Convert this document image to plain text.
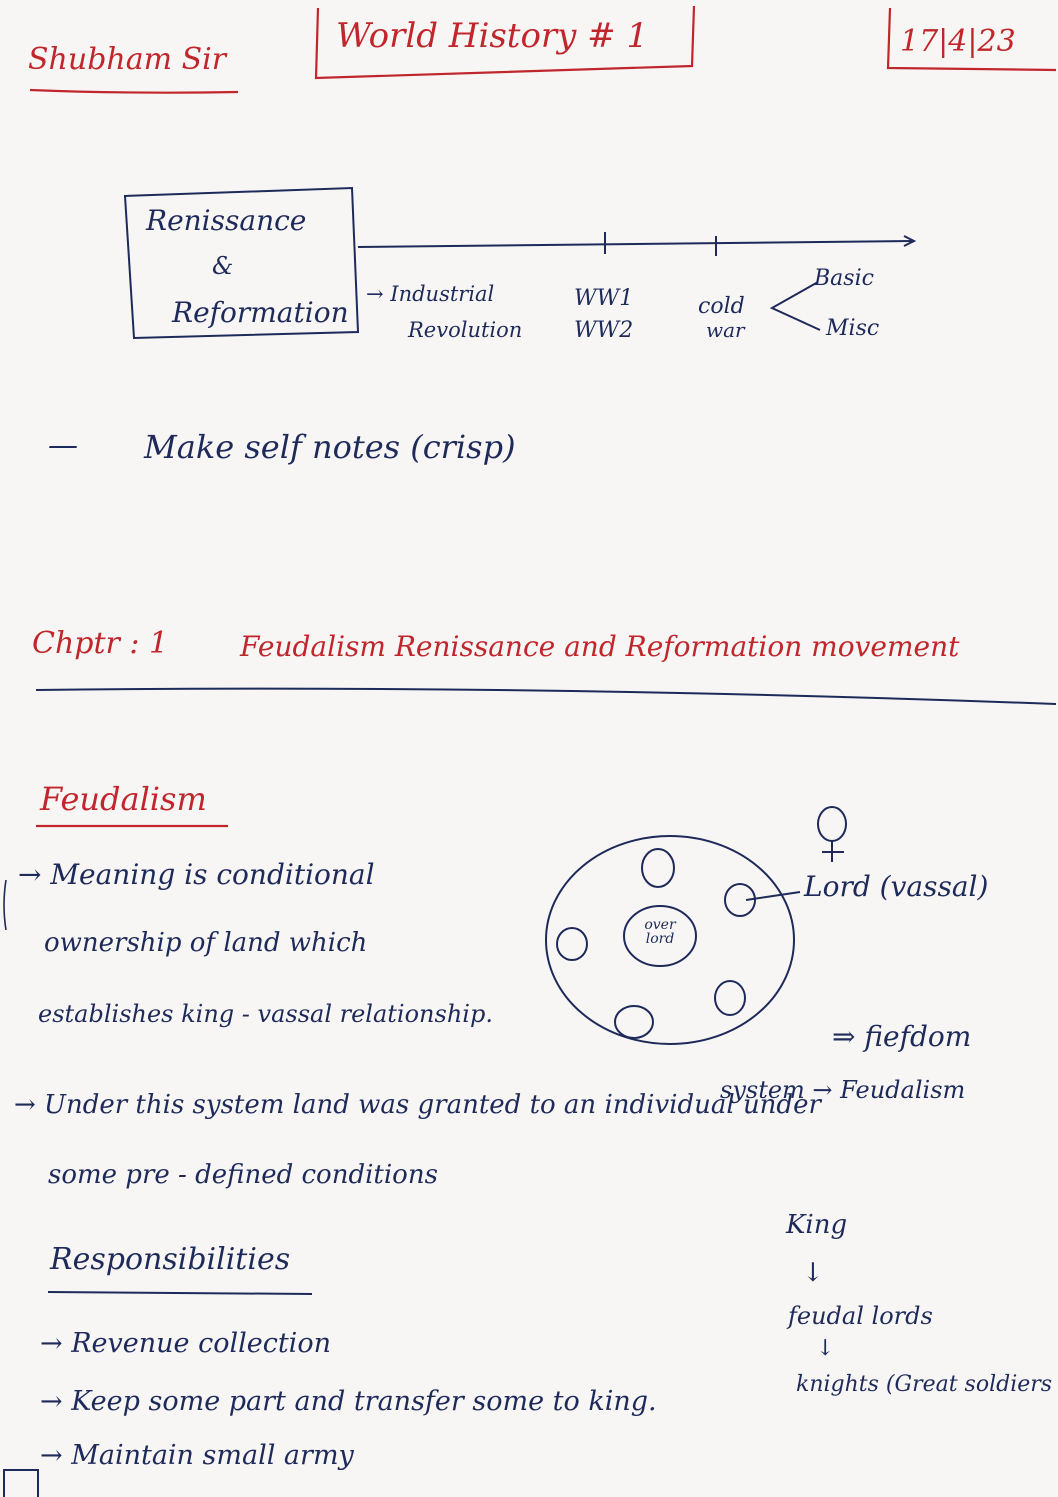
Shubham Sir
World History # 1	17|4|23
Renissance
&
Reformation
→ Industrial
Revolution
WW1
WW2
cold
war
Basic
Misc
— Make self notes (crisp)
Chptr : 1	Feudalism Renissance and Reformation movement
Feudalism
→ Meaning is conditional
ownership of land which
establishes king - vassal relationship.
⇒ fiefdom
system → Feudalism
→ Under this system land was granted to an individual under
some pre - defined conditions
over lord
Lord (vassal)
Responsibilities
→ Revenue collection
→ Keep some part and transfer some to king.
→ Maintain small army
King
↓
feudal lords
↓
knights (Great soldiers
